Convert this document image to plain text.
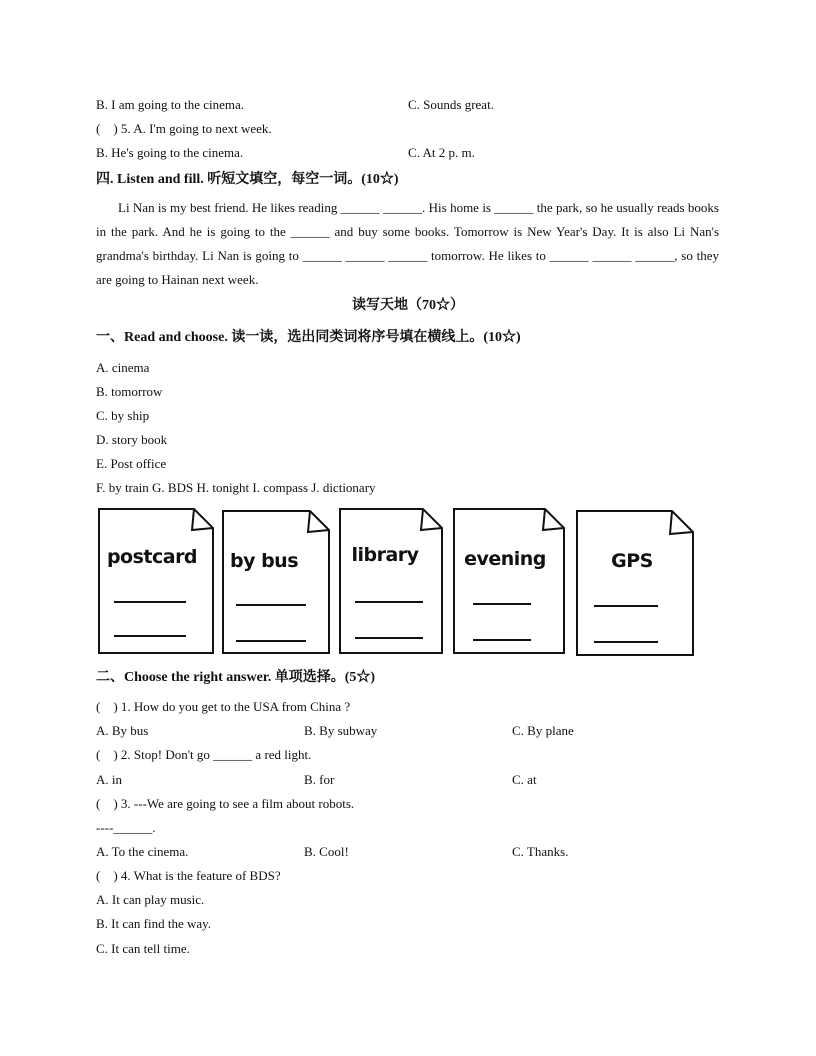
B. I am going to the cinema.	C. Sounds great.
(    ) 5. A. I'm going to next week.
B. He's going to the cinema.	C. At 2 p. m.
四. Listen and fill. 听短文填空，每空一词。(10☆)
Li Nan is my best friend. He likes reading ______ ______. His home is ______ the park, so he usually reads books in the park. And he is going to the ______ and buy some books. Tomorrow is New Year's Day. It is also Li Nan's grandma's birthday. Li Nan is going to ______ ______ ______ tomorrow. He likes to ______ ______ ______, so they are going to Hainan next week.
读写天地（70☆）
一、Read and choose. 读一读，选出同类词将序号填在横线上。(10☆)
A. cinema
B. tomorrow
C. by ship
D. story book
E. Post office
F. by train G. BDS H. tonight I. compass J. dictionary
postcard	by bus	library	evening	GPS
二、Choose the right answer. 单项选择。(5☆)
(    ) 1. How do you get to the USA from China ?
A. By bus	B. By subway	C. By plane
(    ) 2. Stop! Don't go ______ a red light.
A. in	B. for	C. at
(    ) 3. ---We are going to see a film about robots.
----______.
A. To the cinema.	B. Cool!	C. Thanks.
(    ) 4. What is the feature of BDS?
A. It can play music.
B. It can find the way.
C. It can tell time.
